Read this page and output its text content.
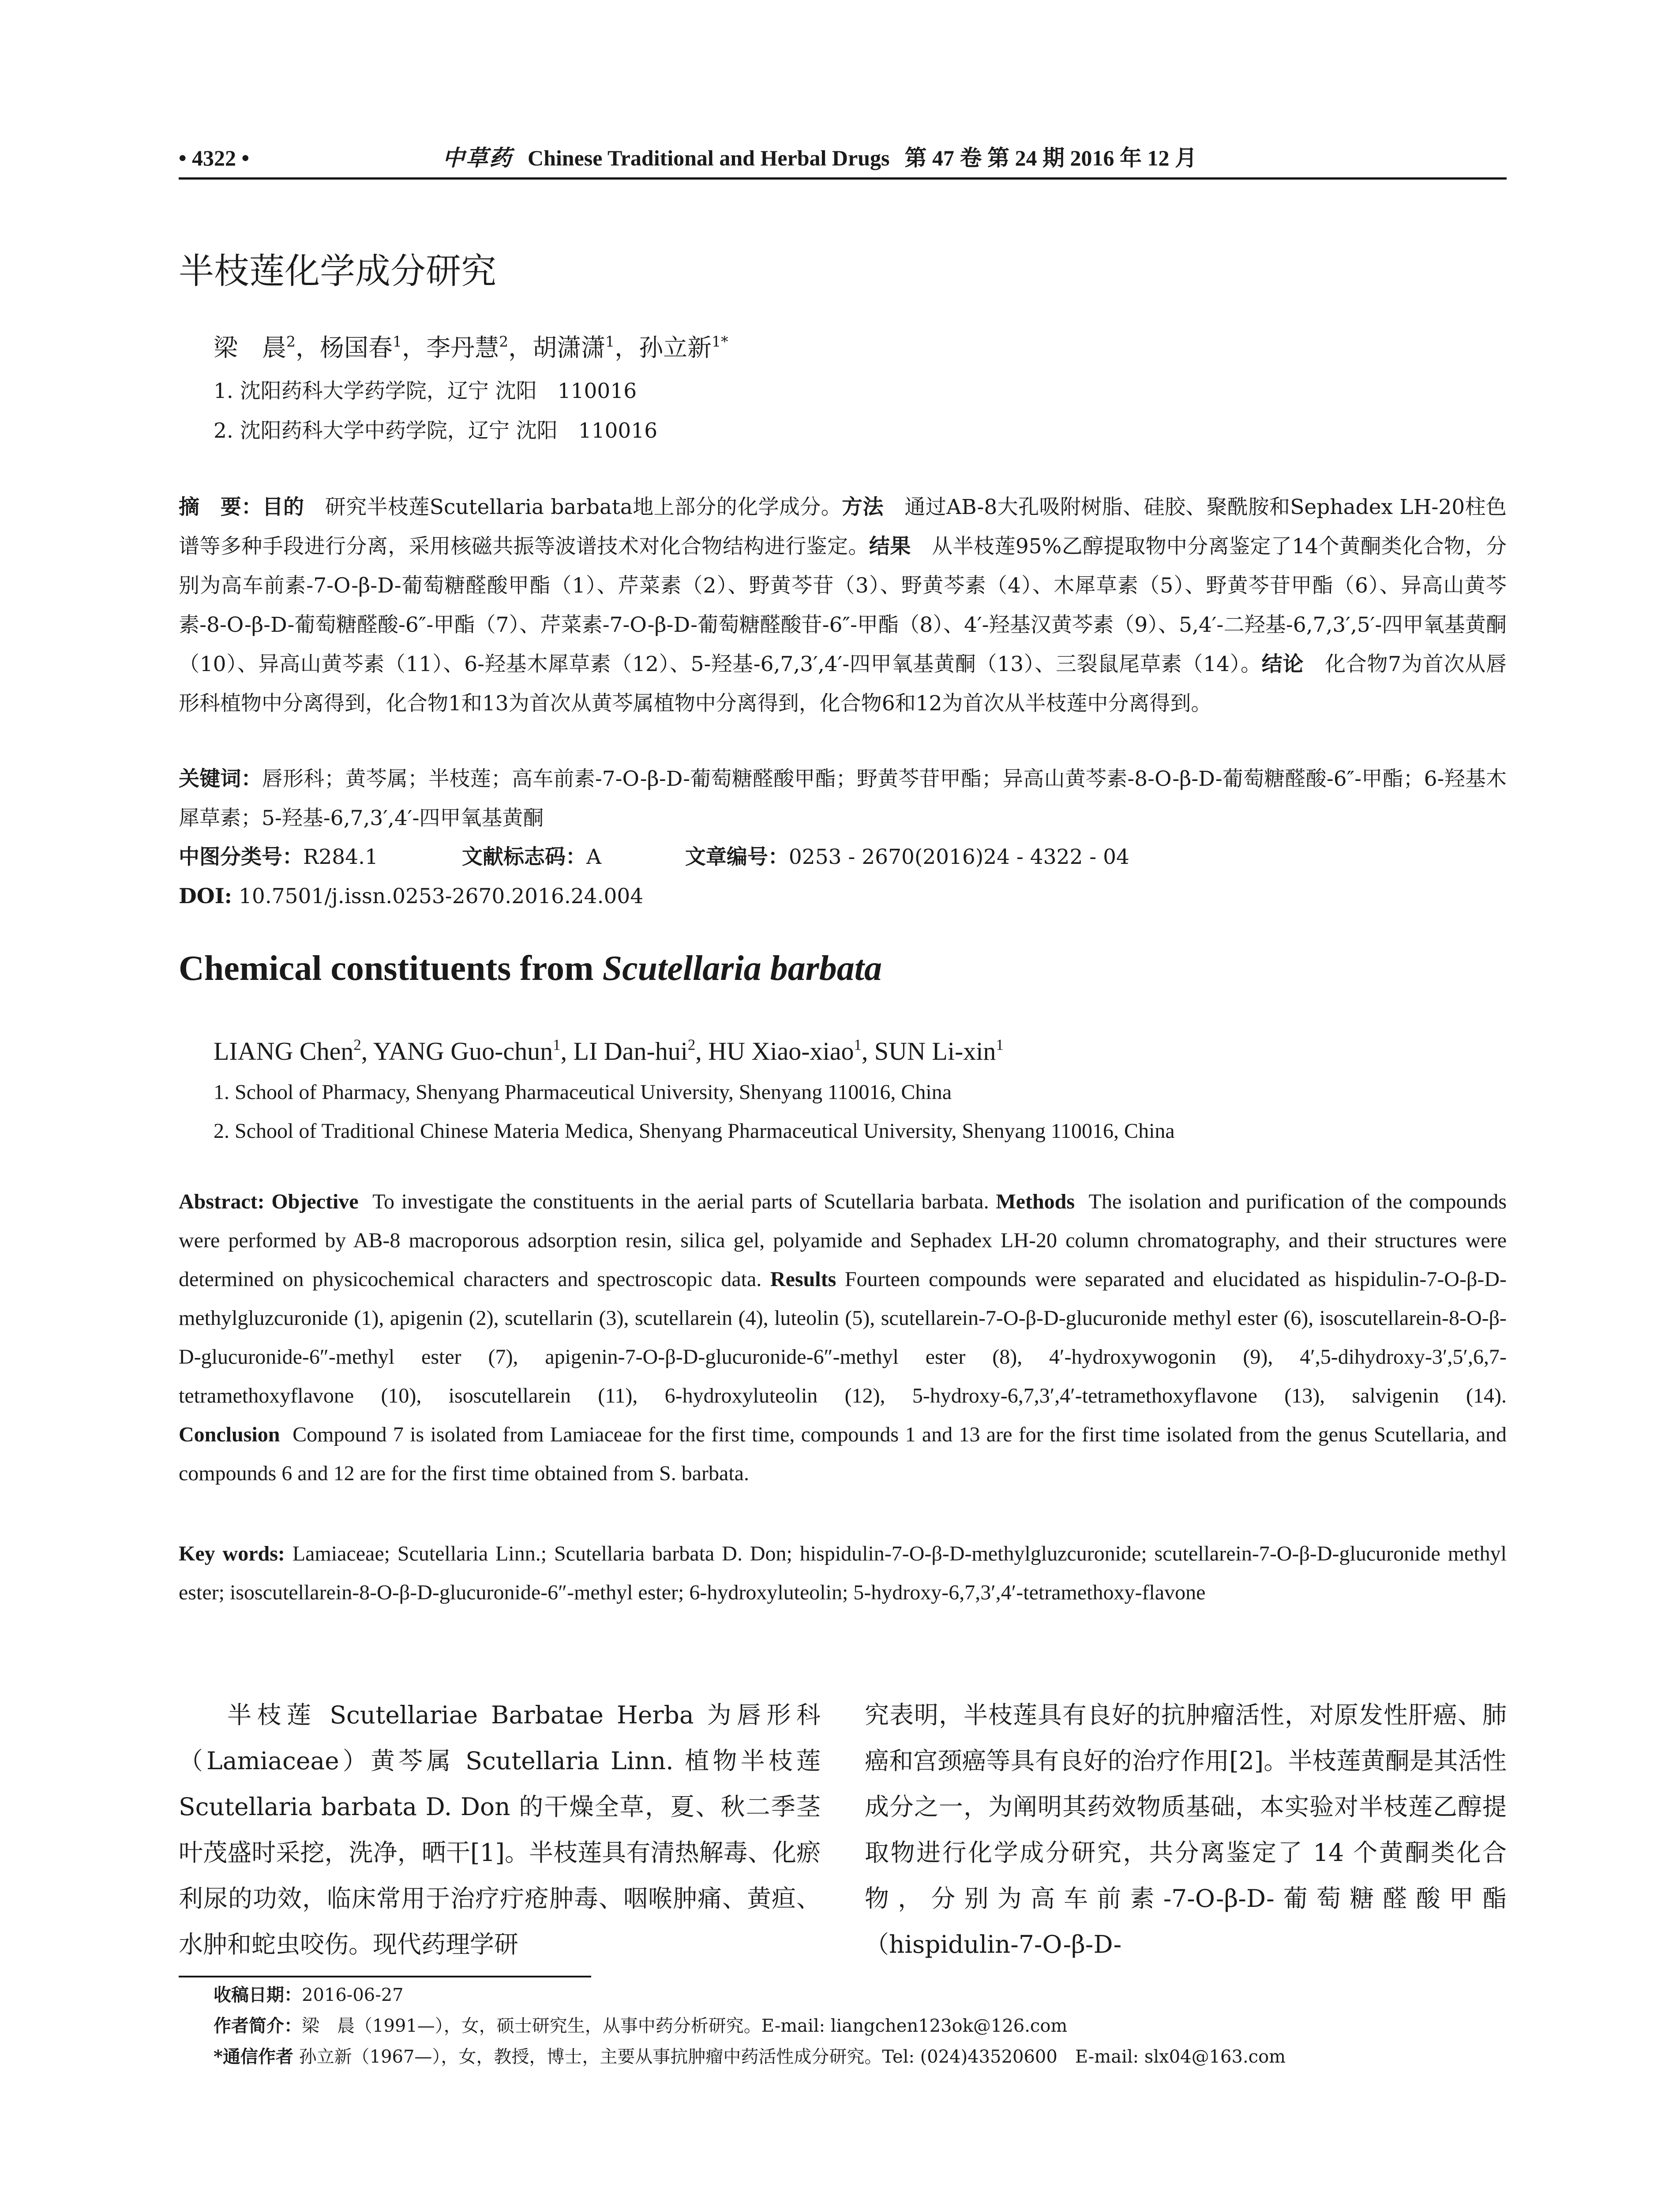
• 4322 •	中草药 Chinese Traditional and Herbal Drugs 第 47 卷 第 24 期 2016 年 12 月
半枝莲化学成分研究
梁　晨$^2$，杨国春$^1$，李丹慧$^2$，胡潇潇$^1$，孙立新$^{1*}$
1. 沈阳药科大学药学院，辽宁 沈阳　110016
2. 沈阳药科大学中药学院，辽宁 沈阳　110016
摘　要：目的　 研究半枝莲Scutellaria barbata地上部分的化学成分。方法　 通过AB-8大孔吸附树脂、硅胶、聚酰胺和Sephadex LH-20柱色谱等多种手段进行分离，采用核磁共振等波谱技术对化合物结构进行鉴定。结果　 从半枝莲95%乙醇提取物中分离鉴定了14个黄酮类化合物，分别为高车前素-7-O-β-D-葡萄糖醛酸甲酯（1）、芹菜素（2）、野黄芩苷（3）、野黄芩素（4）、木犀草素（5）、野黄芩苷甲酯（6）、异高山黄芩素-8-O-β-D-葡萄糖醛酸-6″-甲酯（7）、芹菜素-7-O-β-D-葡萄糖醛酸苷-6″-甲酯（8）、4′-羟基汉黄芩素（9）、5,4′-二羟基-6,7,3′,5′-四甲氧基黄酮（10）、异高山黄芩素（11）、6-羟基木犀草素（12）、5-羟基-6,7,3′,4′-四甲氧基黄酮（13）、三裂鼠尾草素（14）。结论　 化合物7为首次从唇形科植物中分离得到，化合物1和13为首次从黄芩属植物中分离得到，化合物6和12为首次从半枝莲中分离得到。
关键词：唇形科；黄芩属；半枝莲；高车前素-7-O-β-D-葡萄糖醛酸甲酯；野黄芩苷甲酯；异高山黄芩素-8-O-β-D-葡萄糖醛酸-6″-甲酯；6-羟基木犀草素；5-羟基-6,7,3′,4′-四甲氧基黄酮
中图分类号：R284.1	文献标志码：A	文章编号：0253 - 2670(2016)24 - 4322 - 04
DOI: 10.7501/j.issn.0253-2670.2016.24.004
Chemical constituents from Scutellaria barbata
LIANG Chen$^2$, YANG Guo-chun$^1$, LI Dan-hui$^2$, HU Xiao-xiao$^1$, SUN Li-xin$^1$
1. School of Pharmacy, Shenyang Pharmaceutical University, Shenyang 110016, China
2. School of Traditional Chinese Materia Medica, Shenyang Pharmaceutical University, Shenyang 110016, China
Abstract: Objective To investigate the constituents in the aerial parts of Scutellaria barbata. Methods The isolation and purification of the compounds were performed by AB-8 macroporous adsorption resin, silica gel, polyamide and Sephadex LH-20 column chromatography, and their structures were determined on physicochemical characters and spectroscopic data. Results Fourteen compounds were separated and elucidated as hispidulin-7-O-β-D-methylgluzcuronide (1), apigenin (2), scutellarin (3), scutellarein (4), luteolin (5), scutellarein-7-O-β-D-glucuronide methyl ester (6), isoscutellarein-8-O-β-D-glucuronide-6″-methyl ester (7), apigenin-7-O-β-D-glucuronide-6″-methyl ester (8), 4′-hydroxywogonin (9), 4′,5-dihydroxy-3′,5′,6,7-tetramethoxyflavone (10), isoscutellarein (11), 6-hydroxyluteolin (12), 5-hydroxy-6,7,3′,4′-tetramethoxyflavone (13), salvigenin (14). Conclusion Compound 7 is isolated from Lamiaceae for the first time, compounds 1 and 13 are for the first time isolated from the genus Scutellaria, and compounds 6 and 12 are for the first time obtained from S. barbata.
Key words: Lamiaceae; Scutellaria Linn.; Scutellaria barbata D. Don; hispidulin-7-O-β-D-methylgluzcuronide; scutellarein-7-O-β-D-glucuronide methyl ester; isoscutellarein-8-O-β-D-glucuronide-6″-methyl ester; 6-hydroxyluteolin; 5-hydroxy-6,7,3′,4′-tetramethoxy-flavone
半枝莲 Scutellariae Barbatae Herba 为唇形科（Lamiaceae）黄芩属 Scutellaria Linn. 植物半枝莲 Scutellaria barbata D. Don 的干燥全草，夏、秋二季茎叶茂盛时采挖，洗净，晒干[1]。半枝莲具有清热解毒、化瘀利尿的功效，临床常用于治疗疔疮肿毒、咽喉肿痛、黄疸、水肿和蛇虫咬伤。现代药理学研
究表明，半枝莲具有良好的抗肿瘤活性，对原发性肝癌、肺癌和宫颈癌等具有良好的治疗作用[2]。半枝莲黄酮是其活性成分之一，为阐明其药效物质基础，本实验对半枝莲乙醇提取物进行化学成分研究，共分离鉴定了 14 个黄酮类化合物，分别为高车前素-7-O-β-D-葡萄糖醛酸甲酯（hispidulin-7-O-β-D-
收稿日期：2016-06-27
作者简介：梁　晨（1991—），女，硕士研究生，从事中药分析研究。E-mail: liangchen123ok@126.com
*通信作者 孙立新（1967—），女，教授，博士，主要从事抗肿瘤中药活性成分研究。Tel: (024)43520600　E-mail: slx04@163.com
